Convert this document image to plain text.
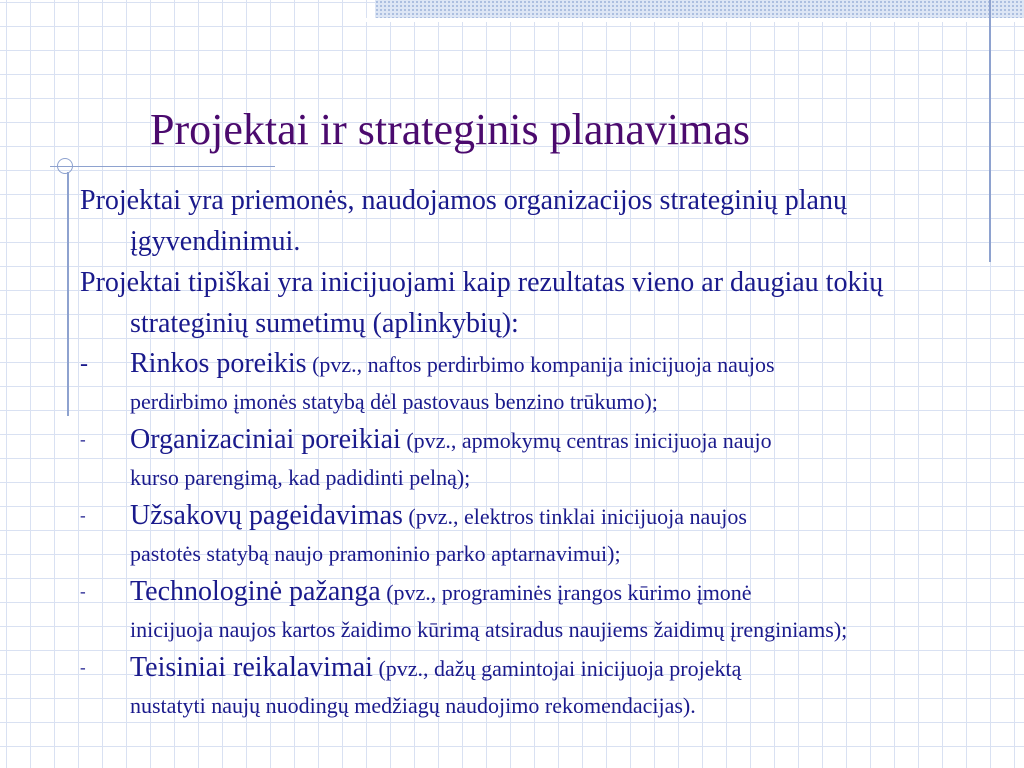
Projektai ir strateginis planavimas

Projektai yra priemonės, naudojamos organizacijos strateginių planų įgyvendinimui.

Projektai tipiškai yra inicijuojami kaip rezultatas vieno ar daugiau tokių strateginių sumetimų (aplinkybių):

- Rinkos poreikis (pvz., naftos perdirbimo kompanija inicijuoja naujos
perdirbimo įmonės statybą dėl pastovaus benzino trūkumo);
- Organizaciniai poreikiai (pvz., apmokymų centras inicijuoja naujo
kurso parengimą, kad padidinti pelną);
- Užsakovų pageidavimas (pvz., elektros tinklai inicijuoja naujos
pastotės statybą naujo pramoninio parko aptarnavimui);
- Technologinė pažanga (pvz., programinės įrangos kūrimo įmonė
inicijuoja naujos kartos žaidimo kūrimą atsiradus naujiems žaidimų įrenginiams);
- Teisiniai reikalavimai (pvz., dažų gamintojai inicijuoja projektą
nustatyti naujų nuodingų medžiagų naudojimo rekomendacijas).
